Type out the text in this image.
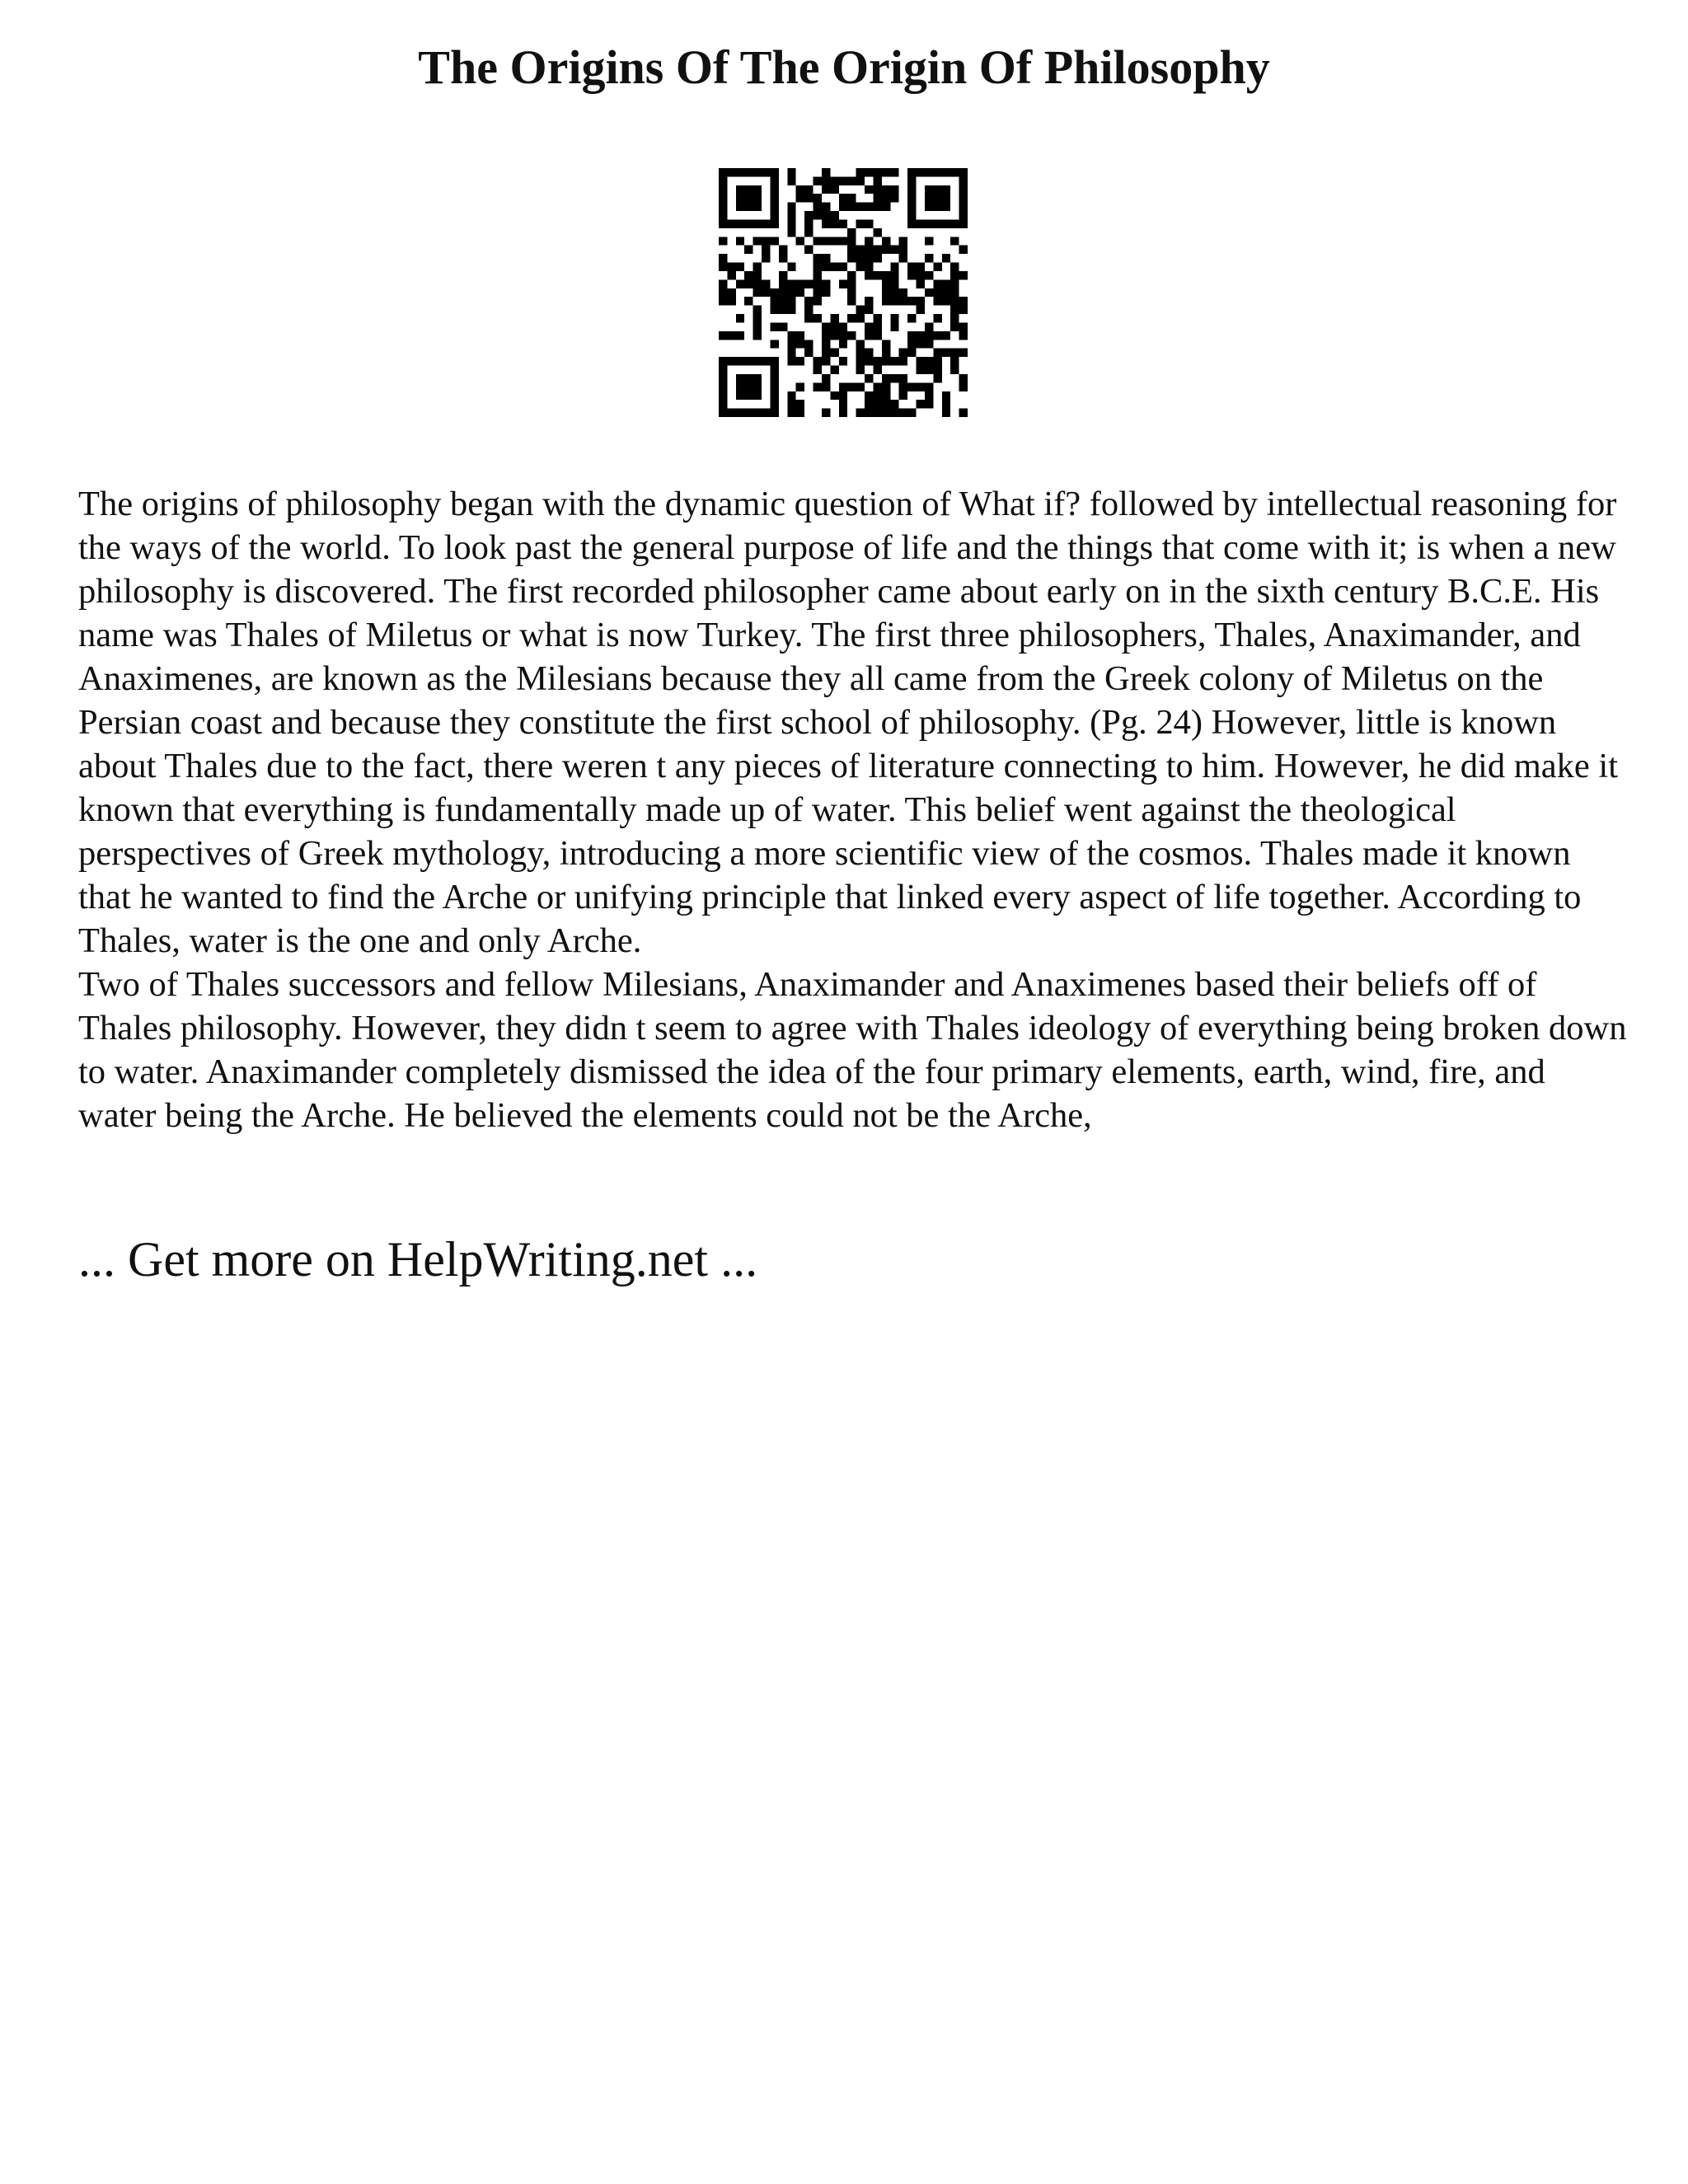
The Origins Of The Origin Of Philosophy

The origins of philosophy began with the dynamic question of What if? followed by intellectual reasoning for the ways of the world. To look past the general purpose of life and the things that come with it; is when a new philosophy is discovered. The first recorded philosopher came about early on in the sixth century B.C.E. His name was Thales of Miletus or what is now Turkey. The first three philosophers, Thales, Anaximander, and Anaximenes, are known as the Milesians because they all came from the Greek colony of Miletus on the Persian coast and because they constitute the first school of philosophy. (Pg. 24) However, little is known about Thales due to the fact, there weren t any pieces of literature connecting to him. However, he did make it known that everything is fundamentally made up of water. This belief went against the theological perspectives of Greek mythology, introducing a more scientific view of the cosmos. Thales made it known that he wanted to find the Arche or unifying principle that linked every aspect of life together. According to Thales, water is the one and only Arche.

Two of Thales successors and fellow Milesians, Anaximander and Anaximenes based their beliefs off of Thales philosophy. However, they didn t seem to agree with Thales ideology of everything being broken down to water. Anaximander completely dismissed the idea of the four primary elements, earth, wind, fire, and water being the Arche. He believed the elements could not be the Arche,

... Get more on HelpWriting.net ...
